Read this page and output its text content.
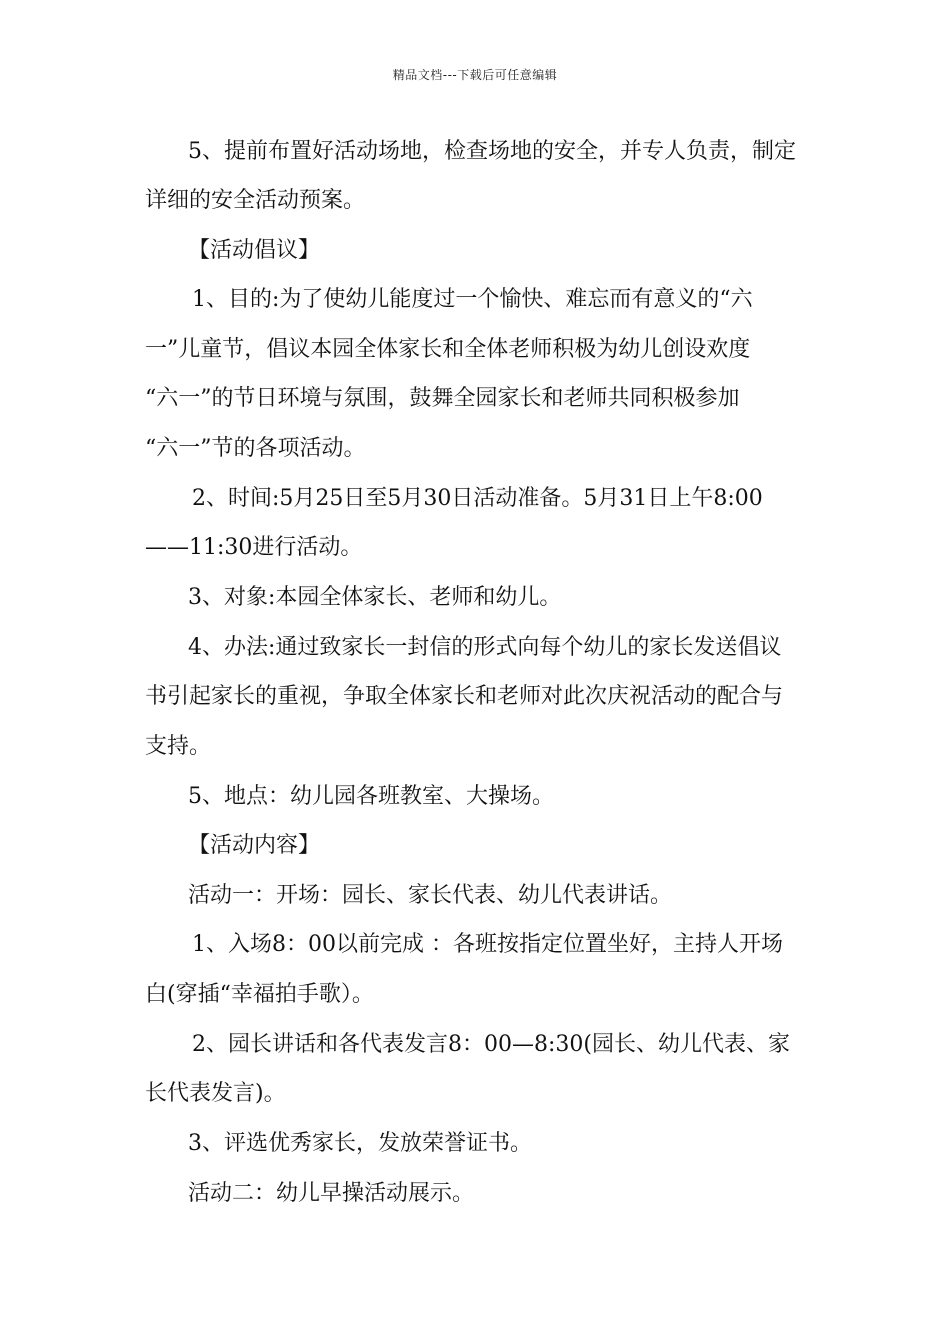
精品文档---下载后可任意编辑
5、提前布置好活动场地，检查场地的安全，并专人负责，制定
详细的安全活动预案。
【活动倡议】
1、目的:为了使幼儿能度过一个愉快、难忘而有意义的“六
一”儿童节，倡议本园全体家长和全体老师积极为幼儿创设欢度
“六一”的节日环境与氛围，鼓舞全园家长和老师共同积极参加
“六一”节的各项活动。
2、时间:5月25日至5月30日活动准备。5月31日上午8:00
——11:30进行活动。
3、对象:本园全体家长、老师和幼儿。
4、办法:通过致家长一封信的形式向每个幼儿的家长发送倡议
书引起家长的重视，争取全体家长和老师对此次庆祝活动的配合与
支持。
5、地点：幼儿园各班教室、大操场。
【活动内容】
活动一：开场：园长、家长代表、幼儿代表讲话。
1、入场8：00以前完成 ：各班按指定位置坐好，主持人开场
白(穿插“幸福拍手歌）。
2、园长讲话和各代表发言8：00—8:30(园长、幼儿代表、家
长代表发言)。
3、评选优秀家长，发放荣誉证书。
活动二：幼儿早操活动展示。
